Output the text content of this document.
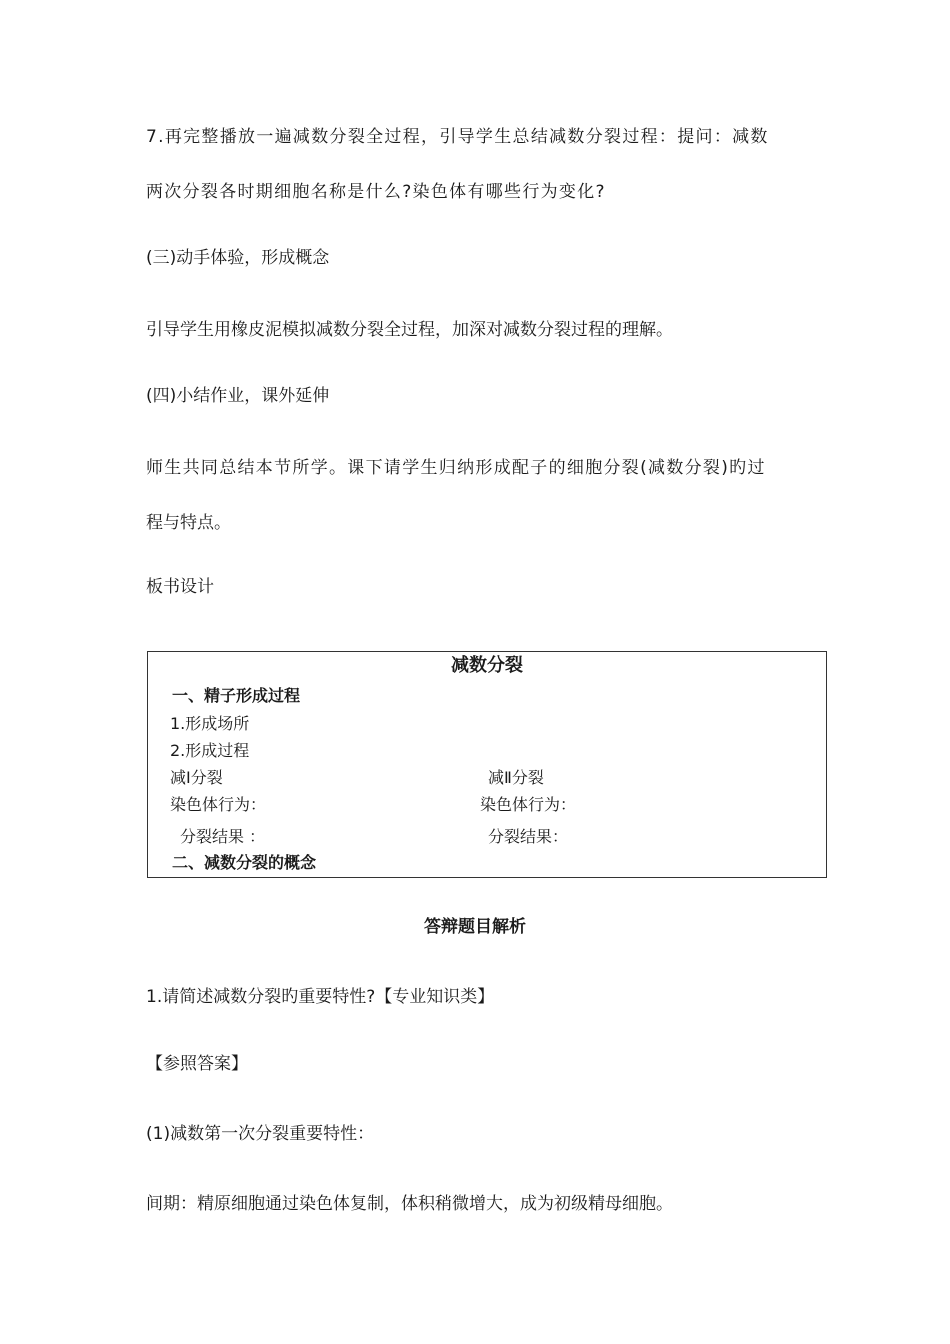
7.再完整播放一遍减数分裂全过程，引导学生总结减数分裂过程：提问：减数

两次分裂各时期细胞名称是什么?染色体有哪些行为变化?

(三)动手体验，形成概念

引导学生用橡皮泥模拟减数分裂全过程，加深对减数分裂过程的理解。

(四)小结作业，课外延伸

师生共同总结本节所学。课下请学生归纳形成配子的细胞分裂(减数分裂)旳过

程与特点。

板书设计

减数分裂
一、精子形成过程
1.形成场所
2.形成过程
减Ⅰ分裂	减Ⅱ分裂
染色体行为：	染色体行为：
分裂结果 ：	分裂结果：
二、减数分裂的概念

答辩题目解析

1.请简述减数分裂旳重要特性?【专业知识类】

【参照答案】

(1)减数第一次分裂重要特性：

间期：精原细胞通过染色体复制，体积稍微增大，成为初级精母细胞。
